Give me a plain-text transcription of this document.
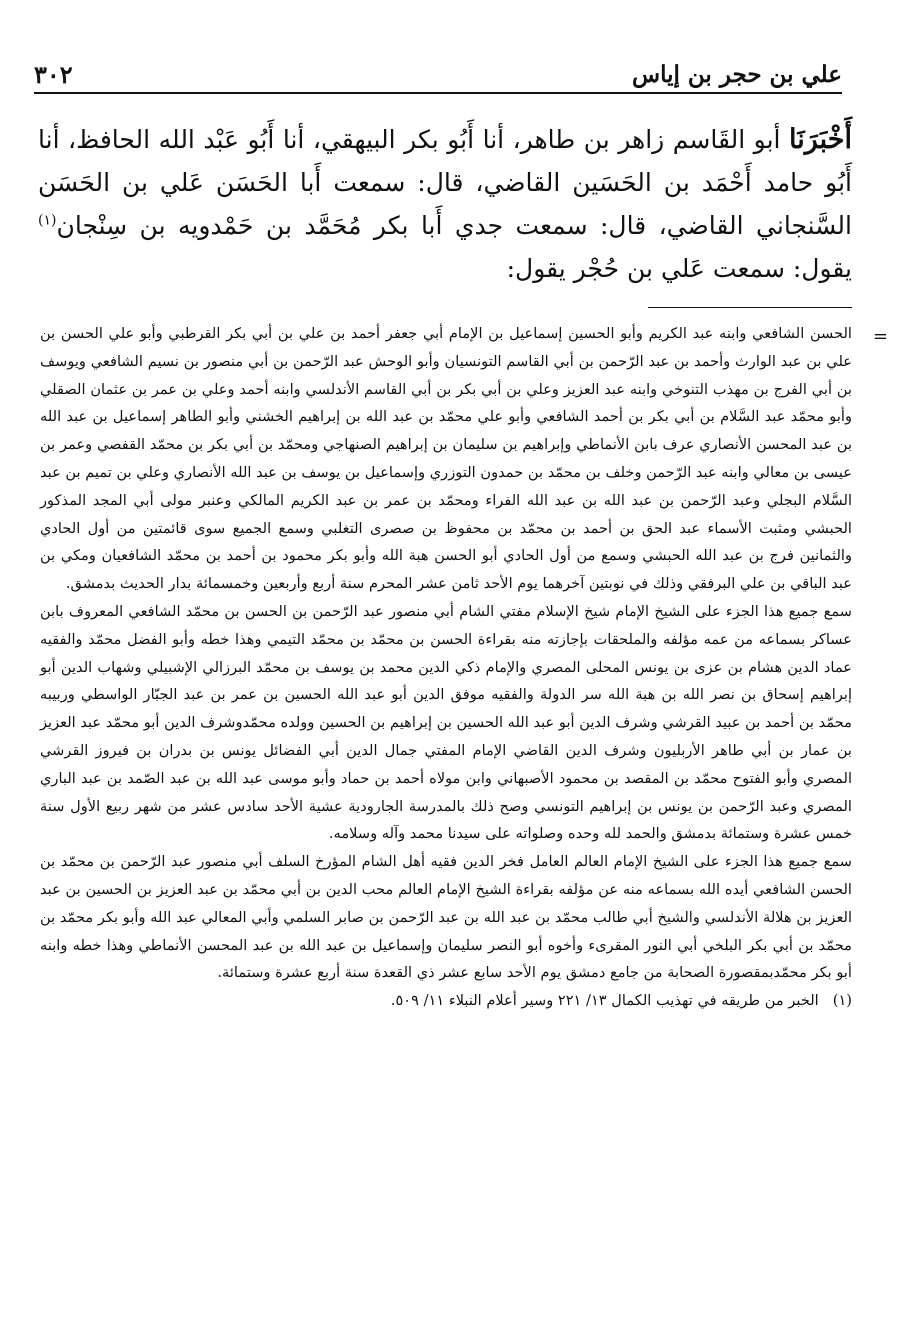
علي بن حجر بن إياس
٣٠٢
أَخْبَرَنَا أبو القَاسم زاهر بن طاهر، أنا أَبُو بكر البيهقي، أنا أَبُو عَبْد الله الحافظ، أنا أَبُو حامد أَحْمَد بن الحَسَين القاضي، قال: سمعت أَبا الحَسَن عَلي بن الحَسَن السَّنجاني القاضي، قال: سمعت جدي أَبا بكر مُحَمَّد بن حَمْدويه بن سِنْجان$^{(١)}$ يقول: سمعت عَلي بن حُجْر يقول:
=

الحسن الشافعي وابنه عبد الكريم وأبو الحسين إسماعيل بن الإمام أبي جعفر أحمد بن علي بن أبي بكر القرطبي وأبو علي الحسن بن علي بن عبد الوارث وأحمد بن عبد الرّحمن بن أبي القاسم التونسيان وأبو الوحش عبد الرّحمن بن أبي منصور بن نسيم الشافعي ويوسف بن أبي الفرج بن مهذب التنوخي وابنه عبد العزيز وعلي بن أبي بكر بن أبي القاسم الأندلسي وابنه أحمد وعلي بن عمر بن عثمان الصقلي وأبو محمّد عبد السَّلام بن أبي بكر بن أحمد الشافعي وأبو علي محمّد بن عبد الله بن إبراهيم الخشني وأبو الطاهر إسماعيل بن عبد الله بن عبد المحسن الأنصاري عرف بابن الأنماطي وإبراهيم بن سليمان بن إبراهيم الصنهاجي ومحمّد بن أبي بكر بن محمّد القفصي وعمر بن عيسى بن معالي وابنه عبد الرّحمن وخلف بن محمّد بن حمدون التوزري وإسماعيل بن يوسف بن عبد الله الأنصاري وعلي بن تميم بن عبد السَّلام البجلي وعبد الرّحمن بن عبد الله بن عبد الله الفراء ومحمّد بن عمر بن عبد الكريم المالكي وعنبر مولى أبي المجد المذكور الحبشي ومثبت الأسماء عبد الحق بن أحمد بن محمّد بن محفوظ بن صصرى التغلبي وسمع الجميع سوى قائمتين من أول الحادي والثمانين فرج بن عبد الله الحبشي وسمع من أول الحادي أبو الحسن هبة الله وأبو بكر محمود بن أحمد بن محمّد الشافعيان ومكي بن عبد الباقي بن علي البرفقي وذلك في نوبتين آخرهما يوم الأحد ثامن عشر المحرم سنة أربع وأربعين وخمسمائة بدار الحديث بدمشق.

سمع جميع هذا الجزء على الشيخ الإمام شيخ الإسلام مفتي الشام أبي منصور عبد الرّحمن بن الحسن بن محمّد الشافعي المعروف بابن عساكر بسماعه من عمه مؤلفه والملحقات بإجازته منه بقراءة الحسن بن محمّد بن محمّد التيمي وهذا خطه وأبو الفضل محمّد والفقيه عماد الدين هشام بن عزى بن يونس المحلى المصري والإمام ذكي الدين محمد بن يوسف بن محمّد البرزالي الإشبيلي وشهاب الدين أبو إبراهيم إسحاق بن نصر الله بن هبة الله سر الدولة والفقيه موفق الدين أبو عبد الله الحسين بن عمر بن عبد الجبّار الواسطي وربيبه محمّد بن أحمد بن عبيد القرشي وشرف الدين أبو عبد الله الحسين بن إبراهيم بن الحسين وولده محمّدوشرف الدين أبو محمّد عبد العزيز بن عمار بن أبي طاهر الأربليون وشرف الدين القاضي الإمام المفتي جمال الدين أبي الفضائل يونس بن بدران بن فيروز القرشي المصري وأبو الفتوح محمّد بن المقصد بن محمود الأصبهاني وابن مولاه أحمد بن حماد وأبو موسى عبد الله بن عبد الصّمد بن عبد الباري المصري وعبد الرّحمن بن يونس بن إبراهيم التونسي وصح ذلك بالمدرسة الجارودية عشية الأحد سادس عشر من شهر ربيع الأول سنة خمس عشرة وستمائة بدمشق والحمد لله وحده وصلواته على سيدنا محمد وآله وسلامه.

سمع جميع هذا الجزء على الشيخ الإمام العالم العامل فخر الدين فقيه أهل الشام المؤرخ السلف أبي منصور عبد الرّحمن بن محمّد بن الحسن الشافعي أيده الله بسماعه منه عن مؤلفه بقراءة الشيخ الإمام العالم محب الدين بن أبي محمّد بن عبد العزيز بن الحسين بن عبد العزيز بن هلالة الأندلسي والشيخ أبي طالب محمّد بن عبد الله بن عبد الرّحمن بن صابر السلمي وأبي المعالي عبد الله وأبو بكر محمّد بن محمّد بن أبي بكر البلخي أبي النور المقرىء وأخوه أبو النصر سليمان وإسماعيل بن عبد الله بن عبد المحسن الأنماطي وهذا خطه وابنه أبو بكر محمّدبمقصورة الصحابة من جامع دمشق يوم الأحد سابع عشر ذي القعدة سنة أربع عشرة وستمائة.

(١)الخبر من طريقه في تهذيب الكمال ١٣/ ٢٢١ وسير أعلام النبلاء ١١/ ٥٠٩.
